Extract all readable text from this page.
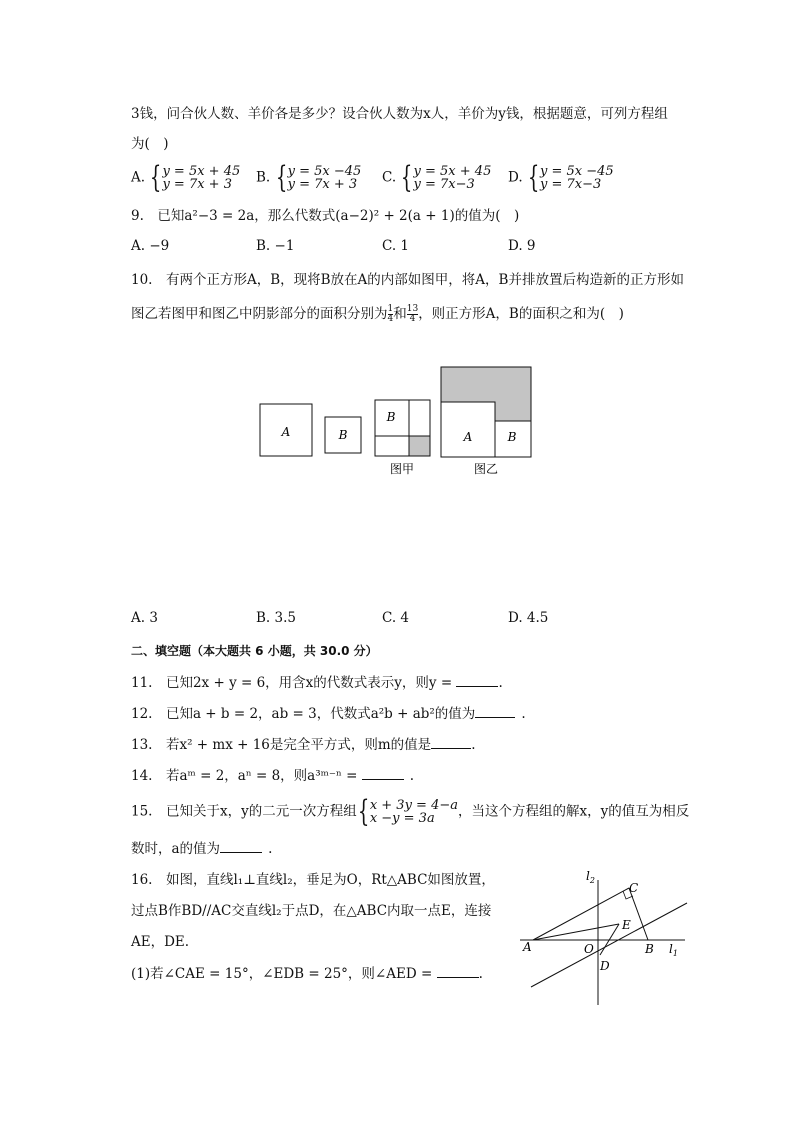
3钱，问合伙人数、羊价各是多少？设合伙人数为x人，羊价为y钱，根据题意，可列方程组
为(　)
A. { y = 5x + 45
y = 7x + 3	B. { y = 5x −45
y = 7x + 3	C. { y = 5x + 45
y = 7x−3	D. { y = 5x −45
y = 7x−3
9.　已知a²−3 = 2a，那么代数式(a−2)² + 2(a + 1)的值为(　)
A. −9	B. −1	C. 1	D. 9
10.　有两个正方形A，B，现将B放在A的内部如图甲，将A，B并排放置后构造新的正方形如
图乙若图甲和图乙中阴影部分的面积分别为 $\frac{1}{4}$ 和 $\frac{13}{4}$ ，则正方形A，B的面积之和为(　)
A	B
B
图甲
A	B
图乙
A. 3	B. 3.5	C. 4	D. 4.5
二、填空题（本大题共 6 小题，共 30.0 分）
11.　已知2x + y = 6，用含x的代数式表示y，则y =	.
12.　已知a + b = 2，ab = 3，代数式a²b + ab²的值为	.
13.　若x² + mx + 16是完全平方式，则m的值是	.
14.　若aᵐ = 2，aⁿ = 8，则a³ᵐ⁻ⁿ =	.
15.　已知关于x，y的二元一次方程组 { x + 3y = 4−a
x −y = 3a	，当这个方程组的解x，y的值互为相反
数时，a的值为	.
16.　如图，直线l₁⊥直线l₂，垂足为O，Rt△ABC如图放置，
过点B作BD//AC交直线l₂于点D，在△ABC内取一点E，连接
AE，DE.
(1)若∠CAE = 15°，∠EDB = 25°，则∠AED =	.
A	B
C
D
E
O	$l_1$
$l_2$
